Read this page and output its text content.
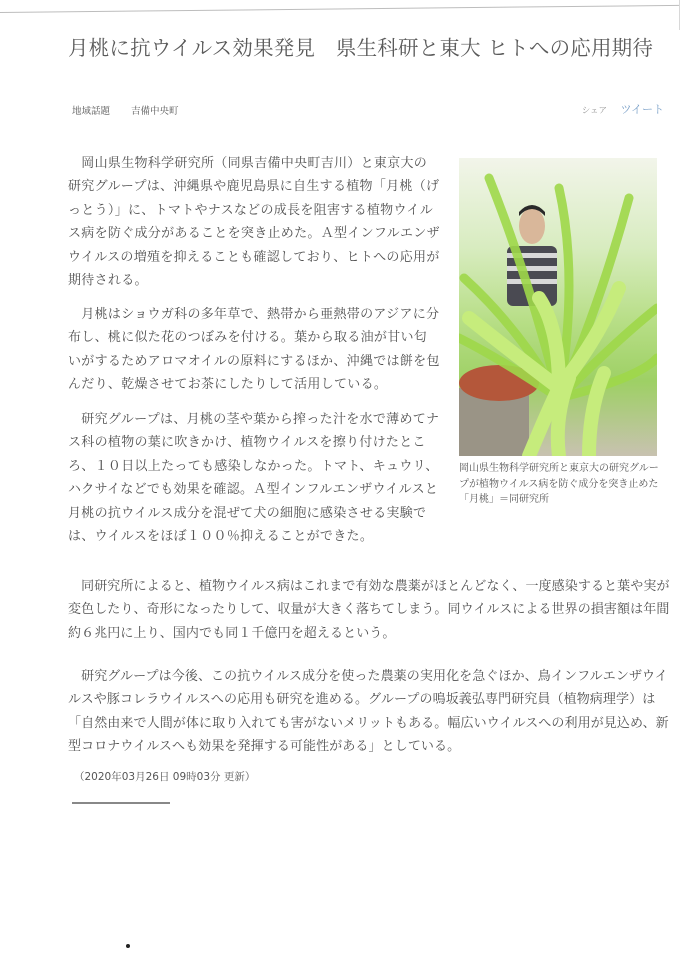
月桃に抗ウイルス効果発見　県生科研と東大 ヒトへの応用期待
地域話題 吉備中央町	シェア ツイート

　岡山県生物科学研究所（同県吉備中央町吉川）と東京大の研究グループは、沖縄県や鹿児島県に自生する植物「月桃（げっとう）」に、トマトやナスなどの成長を阻害する植物ウイルス病を防ぐ成分があることを突き止めた。Ａ型インフルエンザウイルスの増殖を抑えることも確認しており、ヒトへの応用が期待される。

　月桃はショウガ科の多年草で、熱帯から亜熱帯のアジアに分布し、桃に似た花のつぼみを付ける。葉から取る油が甘い匂いがするためアロマオイルの原料にするほか、沖縄では餅を包んだり、乾燥させてお茶にしたりして活用している。

　研究グループは、月桃の茎や葉から搾った汁を水で薄めてナス科の植物の葉に吹きかけ、植物ウイルスを擦り付けたところ、１０日以上たっても感染しなかった。トマト、キュウリ、ハクサイなどでも効果を確認。Ａ型インフルエンザウイルスと月桃の抗ウイルス成分を混ぜて犬の細胞に感染させる実験では、ウイルスをほぼ１００％抑えることができた。

　同研究所によると、植物ウイルス病はこれまで有効な農薬がほとんどなく、一度感染すると葉や実が変色したり、奇形になったりして、収量が大きく落ちてしまう。同ウイルスによる世界の損害額は年間約６兆円に上り、国内でも同１千億円を超えるという。

　研究グループは今後、この抗ウイルス成分を使った農薬の実用化を急ぐほか、鳥インフルエンザウイルスや豚コレラウイルスへの応用も研究を進める。グループの鳴坂義弘専門研究員（植物病理学）は「自然由来で人間が体に取り入れても害がないメリットもある。幅広いウイルスへの利用が見込め、新型コロナウイルスへも効果を発揮する可能性がある」としている。

岡山県生物科学研究所と東京大の研究グループが植物ウイルス病を防ぐ成分を突き止めた「月桃」＝同研究所

（2020年03月26日 09時03分 更新）
